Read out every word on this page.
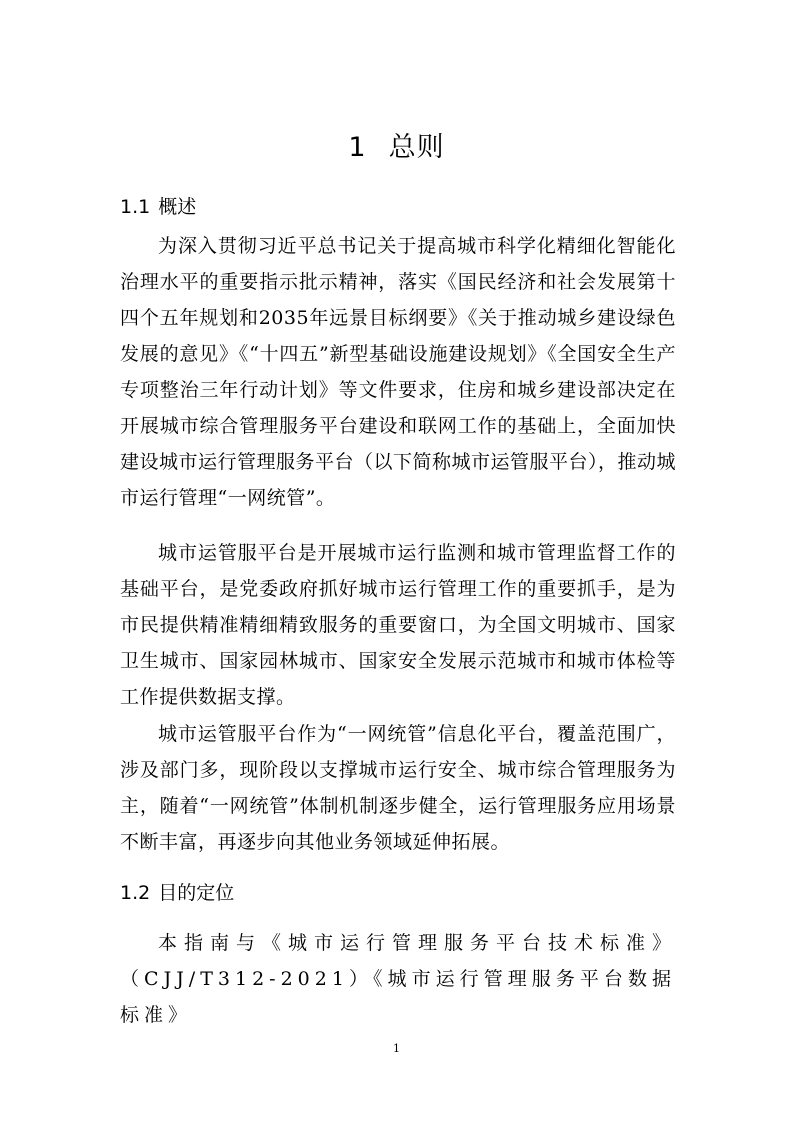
1 总则
1.1 概述

为深入贯彻习近平总书记关于提高城市科学化精细化智能化治理水平的重要指示批示精神，落实《国民经济和社会发展第十四个五年规划和2035年远景目标纲要》《关于推动城乡建设绿色发展的意见》《“十四五”新型基础设施建设规划》《全国安全生产专项整治三年行动计划》等文件要求，住房和城乡建设部决定在开展城市综合管理服务平台建设和联网工作的基础上，全面加快建设城市运行管理服务平台（以下简称城市运管服平台），推动城市运行管理“一网统管”。

城市运管服平台是开展城市运行监测和城市管理监督工作的基础平台，是党委政府抓好城市运行管理工作的重要抓手，是为市民提供精准精细精致服务的重要窗口，为全国文明城市、国家卫生城市、国家园林城市、国家安全发展示范城市和城市体检等工作提供数据支撑。

城市运管服平台作为“一网统管”信息化平台，覆盖范围广，涉及部门多，现阶段以支撑城市运行安全、城市综合管理服务为主，随着“一网统管”体制机制逐步健全，运行管理服务应用场景不断丰富，再逐步向其他业务领域延伸拓展。

1.2 目的定位

本指南与《城市运行管理服务平台技术标准》（CJJ/T312-2021）《城市运行管理服务平台数据标准》

1
